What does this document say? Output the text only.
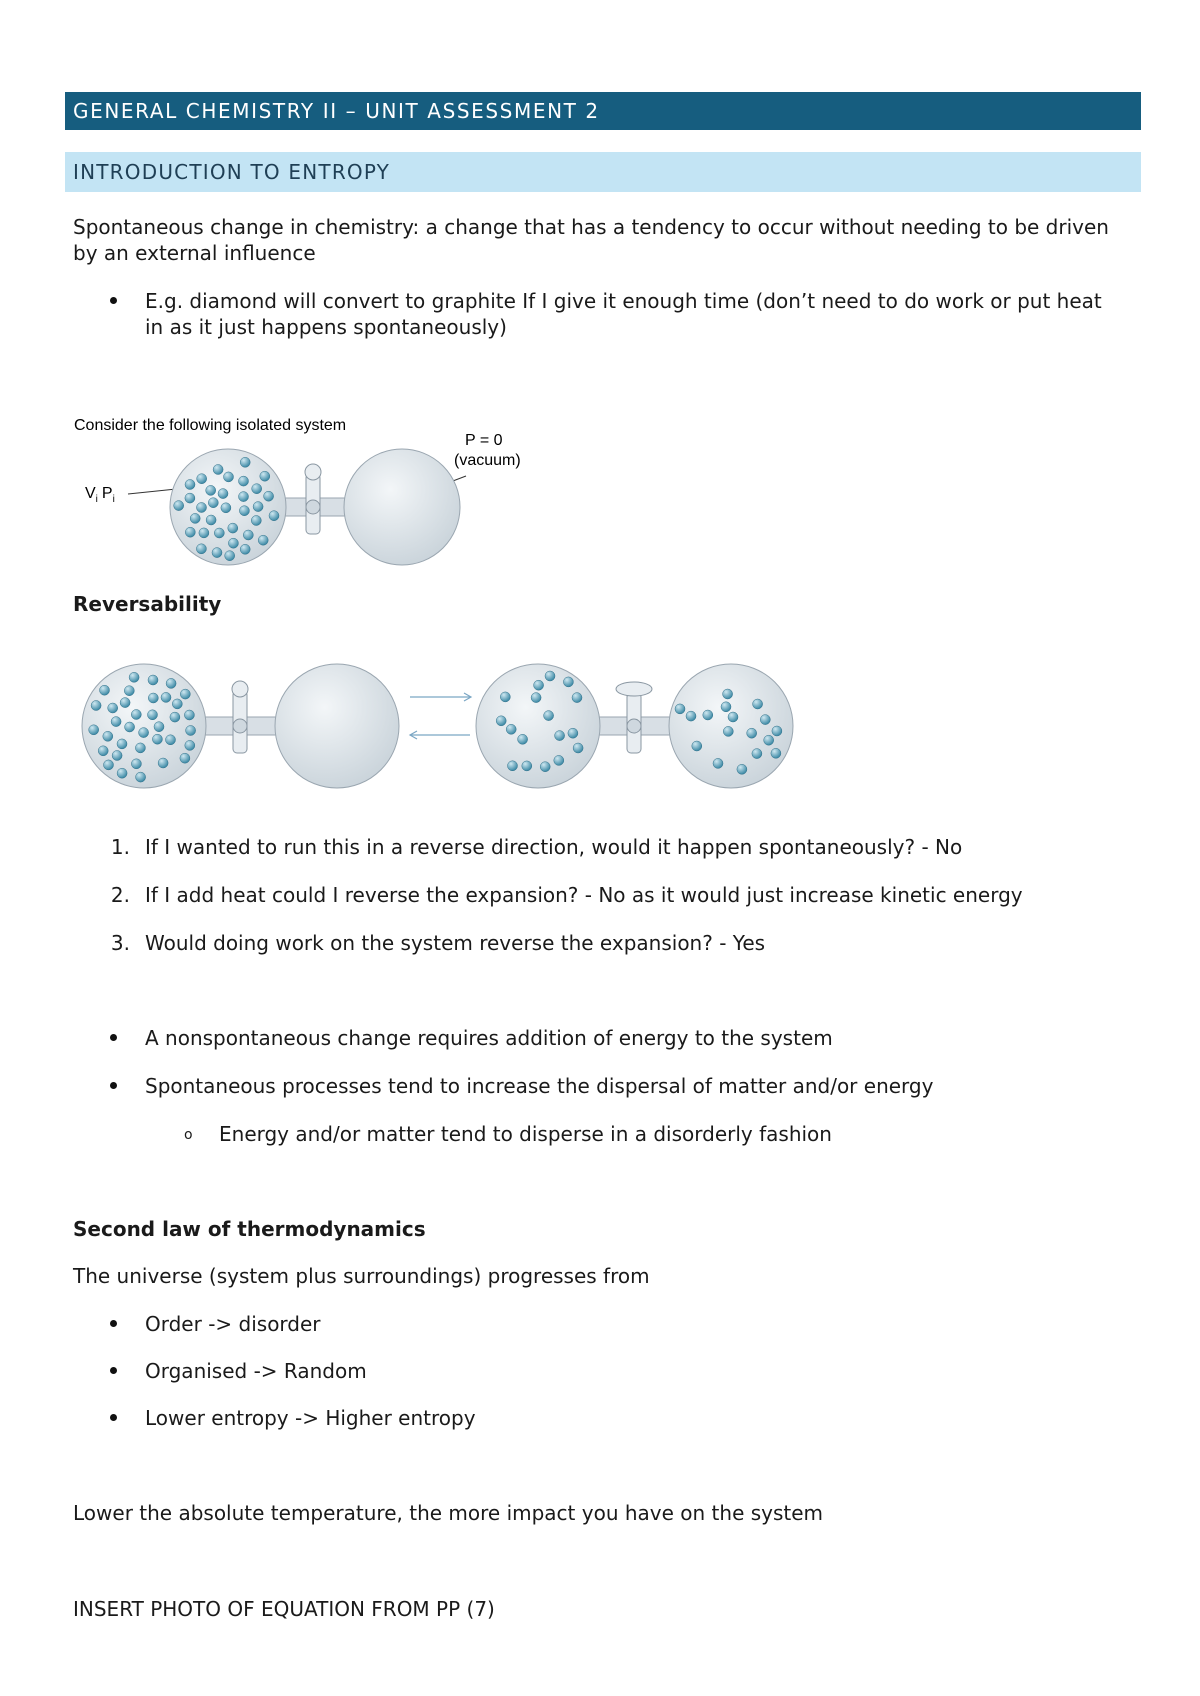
GENERAL CHEMISTRY II – UNIT ASSESSMENT 2
INTRODUCTION TO ENTROPY
Spontaneous change in chemistry: a change that has a tendency to occur without needing to be driven
by an external influence
E.g. diamond will convert to graphite If I give it enough time (don’t need to do work or put heat
in as it just happens spontaneously)
Consider the following isolated system
P = 0
(vacuum)
$V_i$ $P_i$
Reversability
1. If I wanted to run this in a reverse direction, would it happen spontaneously? - No
2. If I add heat could I reverse the expansion? - No as it would just increase kinetic energy
3. Would doing work on the system reverse the expansion? - Yes
A nonspontaneous change requires addition of energy to the system
Spontaneous processes tend to increase the dispersal of matter and/or energy
o Energy and/or matter tend to disperse in a disorderly fashion
Second law of thermodynamics
The universe (system plus surroundings) progresses from
Order -> disorder
Organised -> Random
Lower entropy -> Higher entropy
Lower the absolute temperature, the more impact you have on the system
INSERT PHOTO OF EQUATION FROM PP (7)
